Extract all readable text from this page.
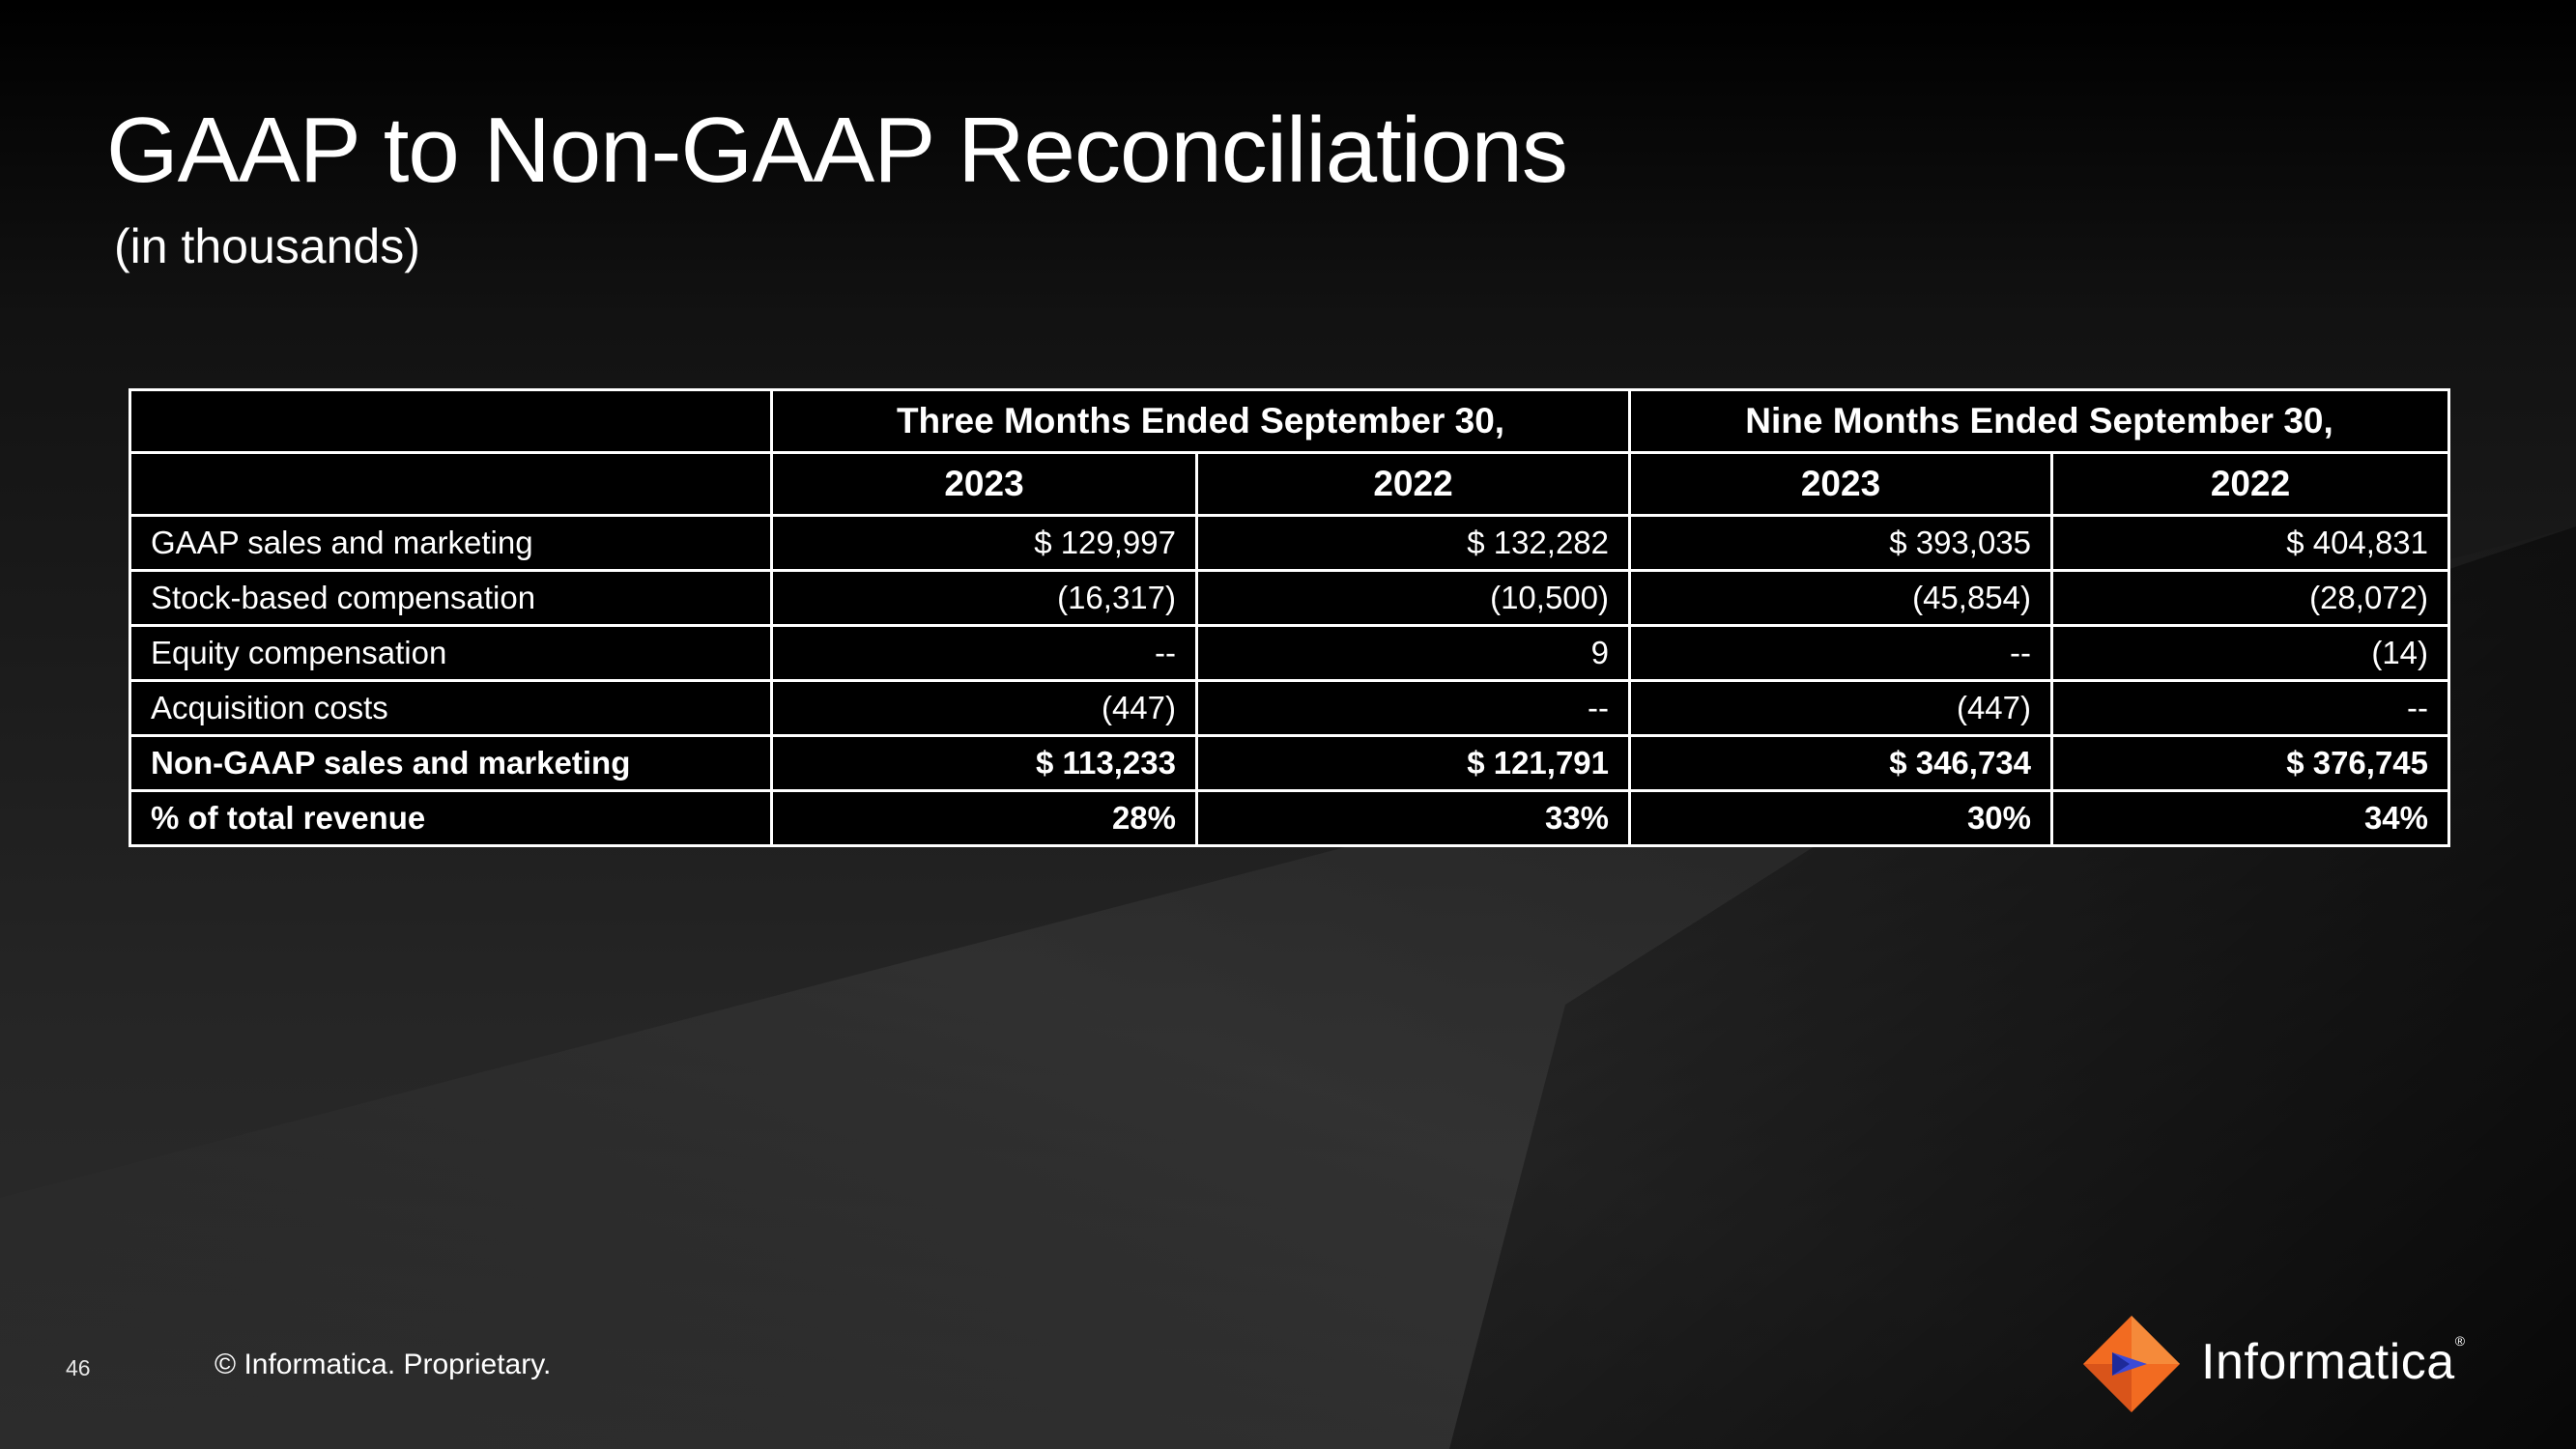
GAAP to Non-GAAP Reconciliations
(in thousands)
	Three Months Ended September 30,		Nine Months Ended September 30,	
	2023	2022	2023	2022
GAAP sales and marketing	$ 129,997	$ 132,282	$ 393,035	$ 404,831
Stock-based compensation	(16,317)	(10,500)	(45,854)	(28,072)
Equity compensation	--	9	--	(14)
Acquisition costs	(447)	--	(447)	--
Non-GAAP sales and marketing	$ 113,233	$ 121,791	$ 346,734	$ 376,745
% of total revenue	28%	33%	30%	34%
46	© Informatica. Proprietary.	Informatica®
